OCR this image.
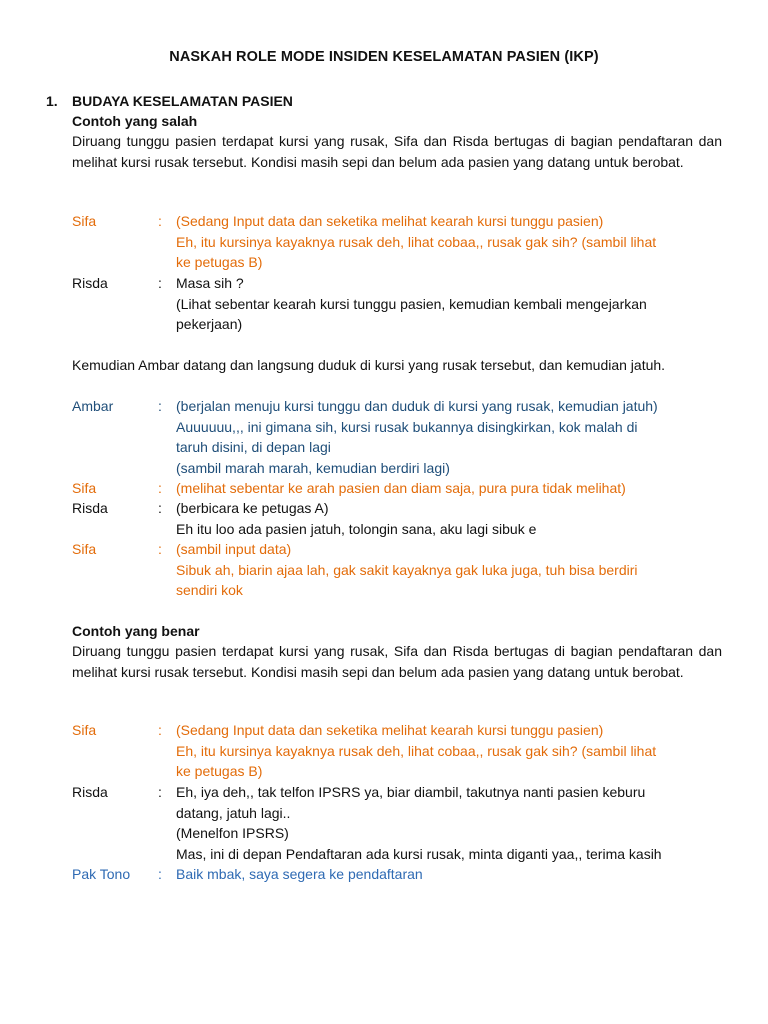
NASKAH ROLE MODE INSIDEN KESELAMATAN PASIEN (IKP)
1. BUDAYA KESELAMATAN PASIEN
Contoh yang salah
Diruang tunggu pasien terdapat kursi yang rusak, Sifa dan Risda bertugas di bagian pendaftaran dan melihat kursi rusak tersebut. Kondisi masih sepi dan belum ada pasien yang datang untuk berobat.
Sifa	:	(Sedang Input data dan seketika melihat kearah kursi tunggu pasien)
Eh, itu kursinya kayaknya rusak deh, lihat cobaa,, rusak gak sih? (sambil lihat
ke petugas B)
Risda	:	Masa sih ?
(Lihat sebentar kearah kursi tunggu pasien, kemudian kembali mengejarkan
pekerjaan)
Kemudian Ambar datang dan langsung duduk di kursi yang rusak tersebut, dan kemudian jatuh.
Ambar	:	(berjalan menuju kursi tunggu dan duduk di kursi yang rusak, kemudian jatuh)
Auuuuuu,,, ini gimana sih, kursi rusak bukannya disingkirkan, kok malah di
taruh disini, di depan lagi
(sambil marah marah, kemudian berdiri lagi)
Sifa	:	(melihat sebentar ke arah pasien dan diam saja, pura pura tidak melihat)
Risda	:	(berbicara ke petugas A)
Eh itu loo ada pasien jatuh, tolongin sana, aku lagi sibuk e
Sifa	:	(sambil input data)
Sibuk ah, biarin ajaa lah, gak sakit kayaknya gak luka juga, tuh bisa berdiri
sendiri kok
Contoh yang benar
Diruang tunggu pasien terdapat kursi yang rusak, Sifa dan Risda bertugas di bagian pendaftaran dan melihat kursi rusak tersebut. Kondisi masih sepi dan belum ada pasien yang datang untuk berobat.
Sifa	:	(Sedang Input data dan seketika melihat kearah kursi tunggu pasien)
Eh, itu kursinya kayaknya rusak deh, lihat cobaa,, rusak gak sih? (sambil lihat
ke petugas B)
Risda	:	Eh, iya deh,, tak telfon IPSRS ya, biar diambil, takutnya nanti pasien keburu
datang, jatuh lagi..
(Menelfon IPSRS)
Mas, ini di depan Pendaftaran ada kursi rusak, minta diganti yaa,, terima kasih
Pak Tono	:	Baik mbak, saya segera ke pendaftaran
